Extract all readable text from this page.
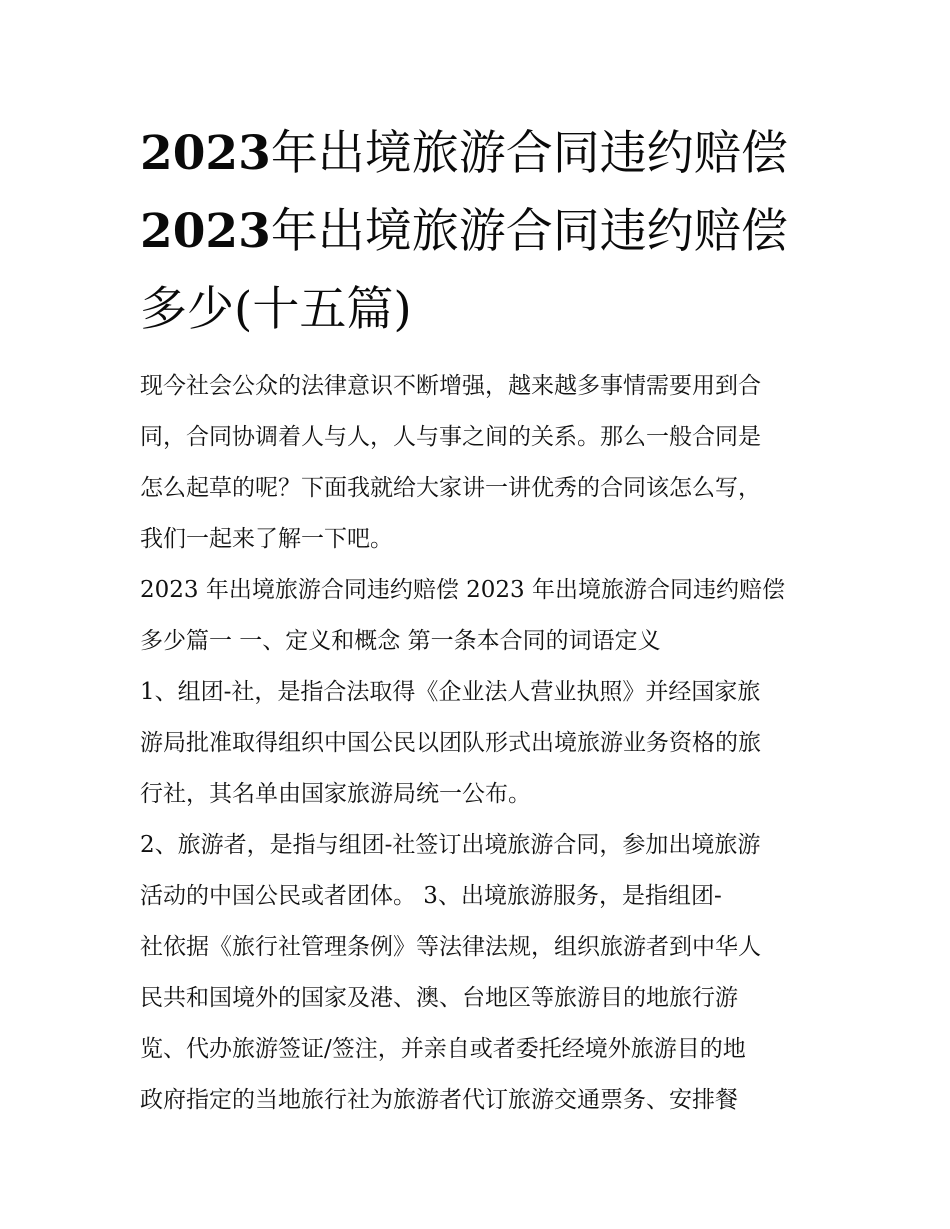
2023年出境旅游合同违约赔偿
2023年出境旅游合同违约赔偿
多少(十五篇)
现今社会公众的法律意识不断增强，越来越多事情需要用到合
同，合同协调着人与人，人与事之间的关系。那么一般合同是
怎么起草的呢？下面我就给大家讲一讲优秀的合同该怎么写，
我们一起来了解一下吧。
2023 年出境旅游合同违约赔偿 2023 年出境旅游合同违约赔偿
多少篇一 一、定义和概念 第一条本合同的词语定义
1、组团-社，是指合法取得《企业法人营业执照》并经国家旅
游局批准取得组织中国公民以团队形式出境旅游业务资格的旅
行社，其名单由国家旅游局统一公布。
2、旅游者，是指与组团-社签订出境旅游合同，参加出境旅游
活动的中国公民或者团体。 3、出境旅游服务，是指组团-
社依据《旅行社管理条例》等法律法规，组织旅游者到中华人
民共和国境外的国家及港、澳、台地区等旅游目的地旅行游
览、代办旅游签证/签注，并亲自或者委托经境外旅游目的地
政府指定的当地旅行社为旅游者代订旅游交通票务、安排餐
